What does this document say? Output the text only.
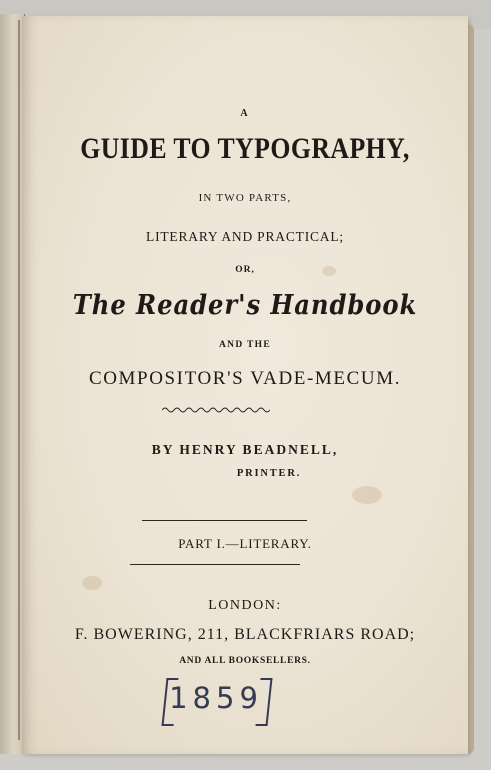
A
GUIDE TO TYPOGRAPHY,
IN TWO PARTS,
LITERARY AND PRACTICAL;
OR,
The Reader's Handbook
AND THE
COMPOSITOR'S VADE-MECUM.
BY HENRY BEADNELL,
PRINTER.
PART I.—LITERARY.
LONDON:
F. BOWERING, 211, BLACKFRIARS ROAD;
AND ALL BOOKSELLERS.
1859
